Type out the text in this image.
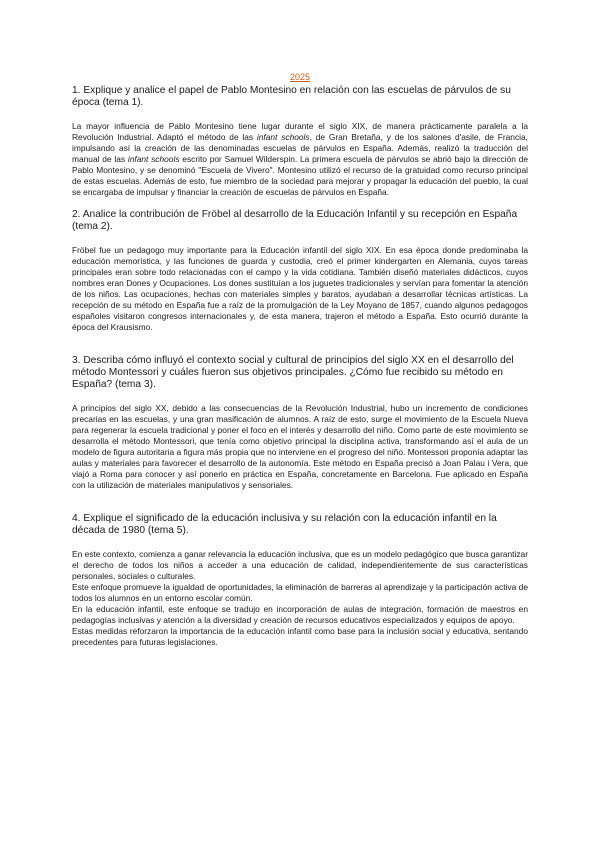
2025

1. Explique y analice el papel de Pablo Montesino en relación con las escuelas de párvulos de su época (tema 1).

La mayor influencia de Pablo Montesino tiene lugar durante el siglo XIX, de manera prácticamente paralela a la Revolución Industrial. Adaptó el método de las infant schools, de Gran Bretaña, y de los salones d'asile, de Francia, impulsando así la creación de las denominadas escuelas de párvulos en España. Además, realizó la traducción del manual de las infant schools escrito por Samuel Wilderspin. La primera escuela de párvulos se abrió bajo la dirección de Pablo Montesino, y se denominó "Escuela de Vivero". Montesino utilizó el recurso de la gratuidad como recurso principal de estas escuelas. Además de esto, fue miembro de la sociedad para mejorar y propagar la educación del pueblo, la cual se encargaba de impulsar y financiar la creación de escuelas de párvulos en España.

2. Analice la contribución de Fröbel al desarrollo de la Educación Infantil y su recepción en España (tema 2).

Fröbel fue un pedagogo muy importante para la Educación infantil del siglo XIX. En esa época donde predominaba la educación memorística, y las funciones de guarda y custodia, creó el primer kindergarten en Alemania, cuyos tareas principales eran sobre todo relacionadas con el campo y la vida cotidiana. También diseñó materiales didácticos, cuyos nombres eran Dones y Ocupaciones. Los dones sustituían a los juguetes tradicionales y servían para fomentar la atención de los niños. Las ocupaciones, hechas con materiales simples y baratos, ayudaban a desarrollar técnicas artísticas. La recepción de su método en España fue a raíz de la promulgación de la Ley Moyano de 1857, cuando algunos pedagogos españoles visitaron congresos internacionales y, de esta manera, trajeron el método a España. Esto ocurrió durante la época del Krausismo.

3. Describa cómo influyó el contexto social y cultural de principios del siglo XX en el desarrollo del método Montessori y cuáles fueron sus objetivos principales. ¿Cómo fue recibido su método en España? (tema 3).

A principios del siglo XX, debido a las consecuencias de la Revolución Industrial, hubo un incremento de condiciones precarias en las escuelas, y una gran masificación de alumnos. A raíz de esto, surge el movimiento de la Escuela Nueva para regenerar la escuela tradicional y poner el foco en el interés y desarrollo del niño. Como parte de este movimiento se desarrolla el método Montessori, que tenía como objetivo principal la disciplina activa, transformando así el aula de un modelo de figura autoritaria a figura más propia que no interviene en el progreso del niño. Montessori proponía adaptar las aulas y materiales para favorecer el desarrollo de la autonomía. Este método en España precisó a Joan Palau i Vera, que viajó a Roma para conocer y así ponerlo en práctica en España, concretamente en Barcelona. Fue aplicado en España con la utilización de materiales manipulativos y sensoriales.

4. Explique el significado de la educación inclusiva y su relación con la educación infantil en la década de 1980 (tema 5).

En este contexto, comienza a ganar relevancia la educación inclusiva, que es un modelo pedagógico que busca garantizar el derecho de todos los niños a acceder a una educación de calidad, independientemente de sus características personales, sociales o culturales.

Este enfoque promueve la igualdad de oportunidades, la eliminación de barreras al aprendizaje y la participación activa de todos los alumnos en un entorno escolar común.

En la educación infantil, este enfoque se tradujo en incorporación de aulas de integración, formación de maestros en pedagogías inclusivas y atención a la diversidad y creación de recursos educativos especializados y equipos de apoyo.

Estas medidas reforzaron la importancia de la educación infantil como base para la inclusión social y educativa, sentando precedentes para futuras legislaciones.
